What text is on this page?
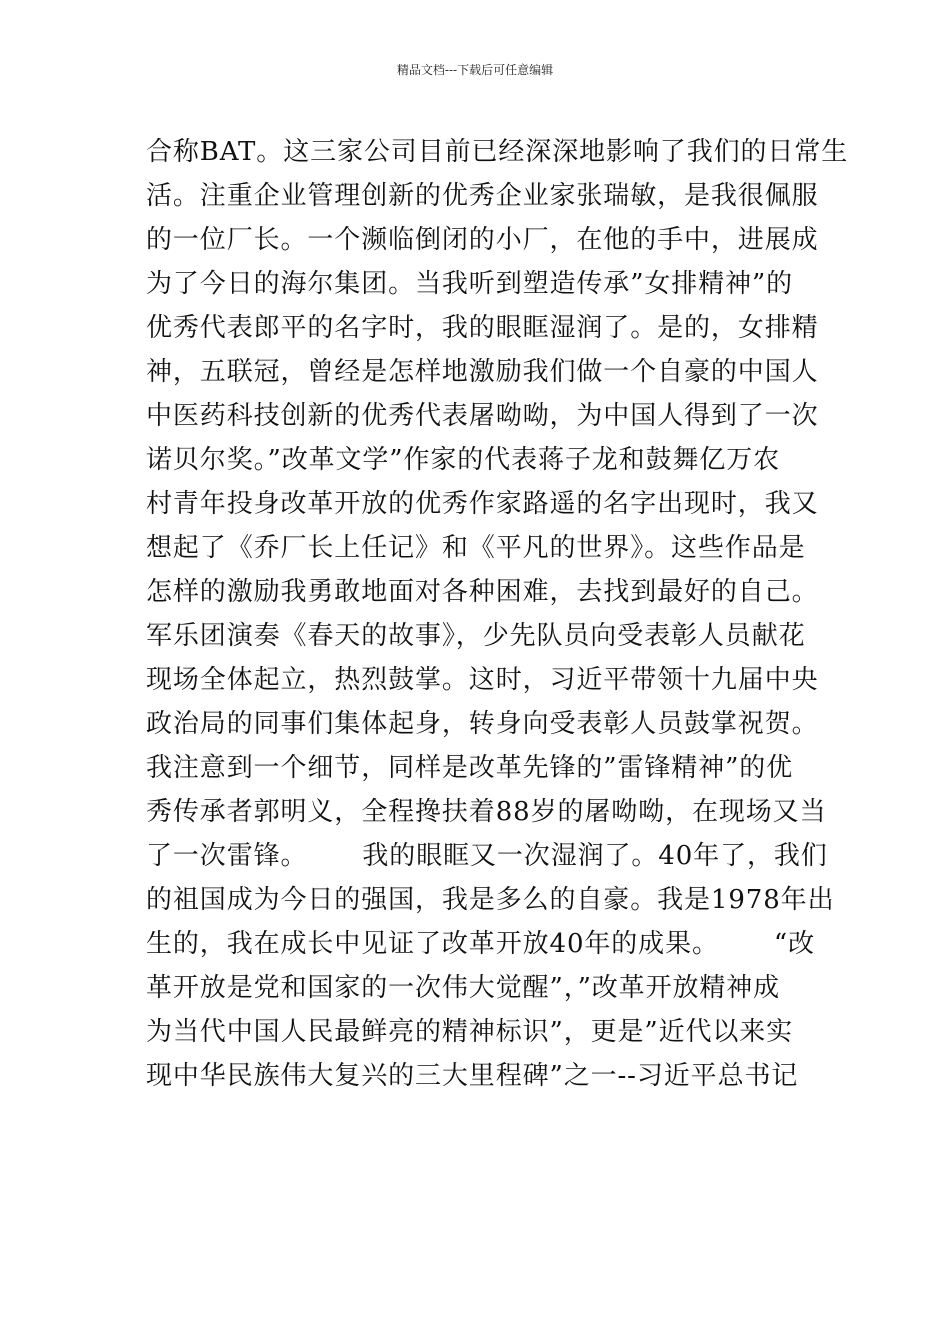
精品文档---下载后可任意编辑
合称BAT。这三家公司目前已经深深地影响了我们的日常生
活。注重企业管理创新的优秀企业家张瑞敏，是我很佩服
的一位厂长。一个濒临倒闭的小厂，在他的手中，进展成
为了今日的海尔集团。当我听到塑造传承”女排精神”的
优秀代表郎平的名字时，我的眼眶湿润了。是的，女排精
神，五联冠，曾经是怎样地激励我们做一个自豪的中国人
中医药科技创新的优秀代表屠呦呦，为中国人得到了一次
诺贝尔奖。”改革文学”作家的代表蒋子龙和鼓舞亿万农
村青年投身改革开放的优秀作家路遥的名字出现时，我又
想起了《乔厂长上任记》和《平凡的世界》。这些作品是
怎样的激励我勇敢地面对各种困难，去找到最好的自己。
军乐团演奏《春天的故事》，少先队员向受表彰人员献花
现场全体起立，热烈鼓掌。这时，习近平带领十九届中央
政治局的同事们集体起身，转身向受表彰人员鼓掌祝贺。
我注意到一个细节，同样是改革先锋的”雷锋精神”的优
秀传承者郭明义，全程搀扶着88岁的屠呦呦，在现场又当
了一次雷锋。      我的眼眶又一次湿润了。40年了，我们
的祖国成为今日的强国，我是多么的自豪。我是1978年出
生的，我在成长中见证了改革开放40年的成果。      “改
革开放是党和国家的一次伟大觉醒”，”改革开放精神成
为当代中国人民最鲜亮的精神标识”，更是”近代以来实
现中华民族伟大复兴的三大里程碑”之一--习近平总书记
